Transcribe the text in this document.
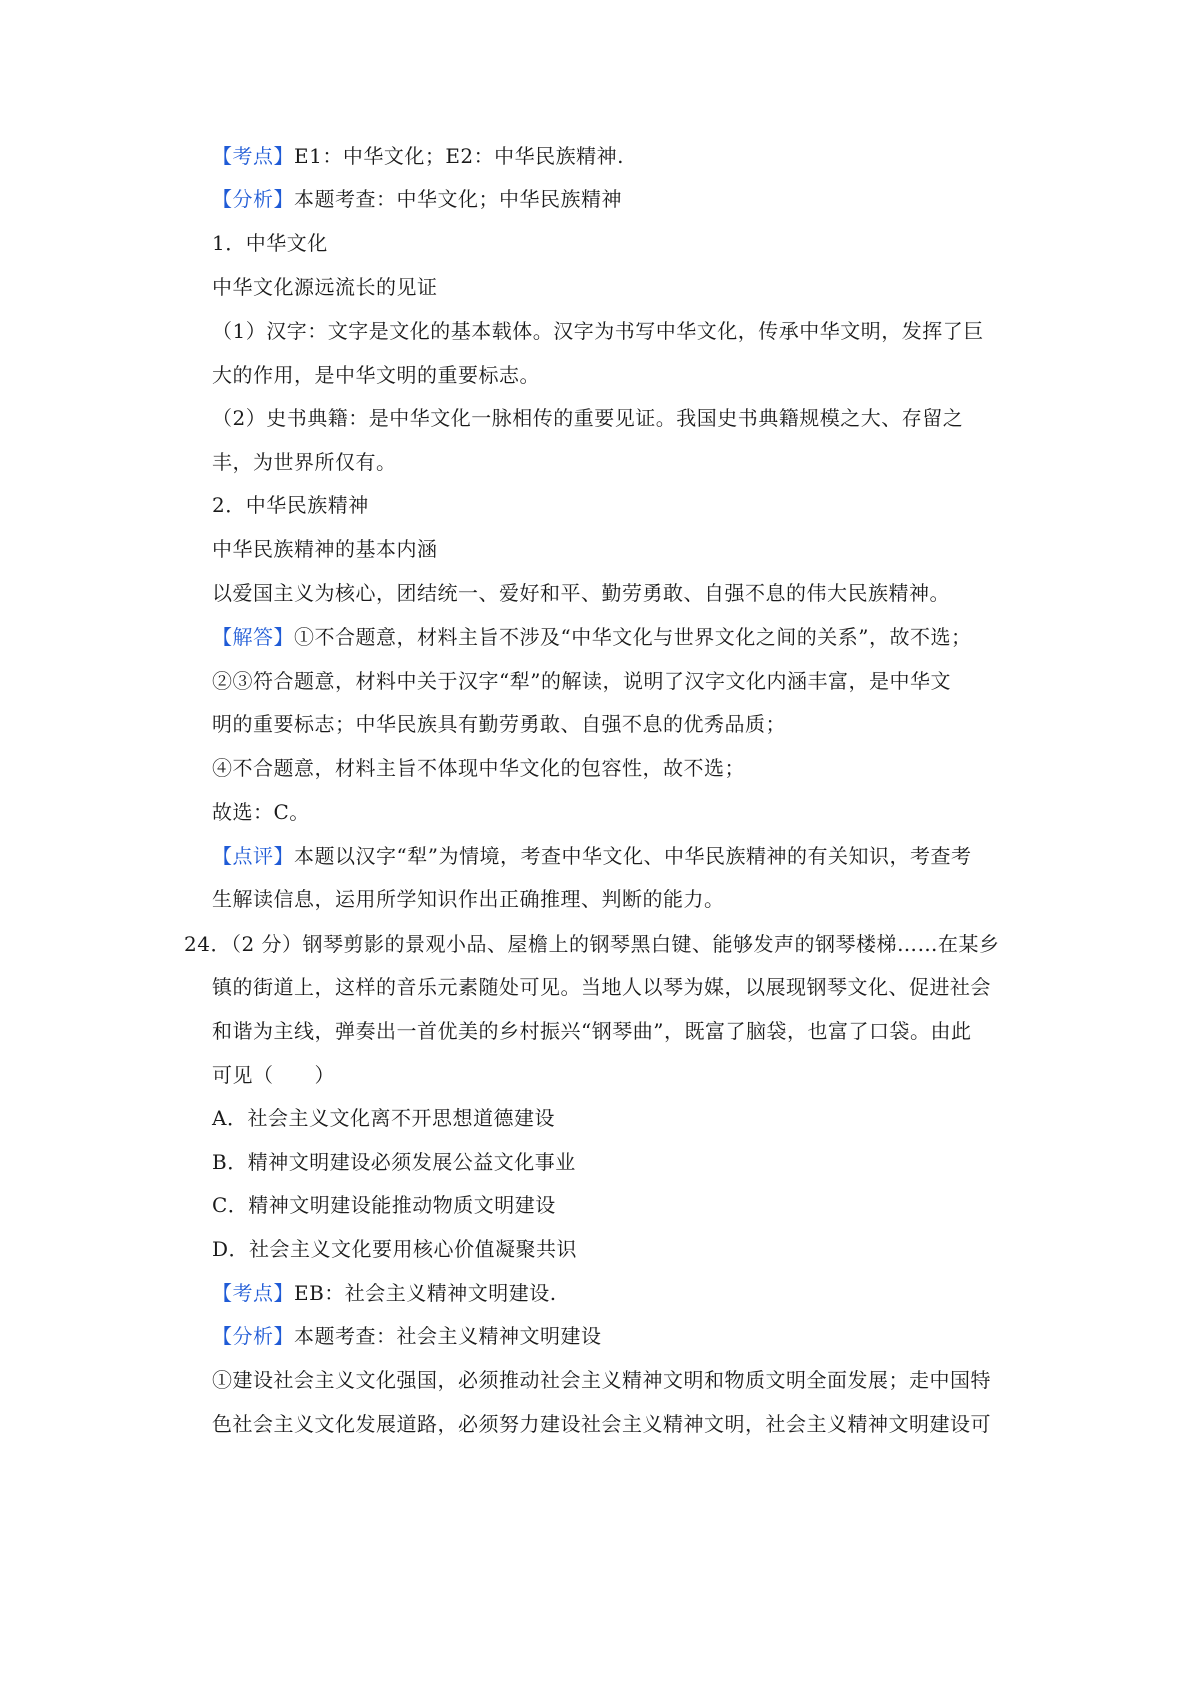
【考点】E1：中华文化；E2：中华民族精神.
【分析】本题考查：中华文化；中华民族精神
1．中华文化
中华文化源远流长的见证
（1）汉字：文字是文化的基本载体。汉字为书写中华文化，传承中华文明，发挥了巨
大的作用，是中华文明的重要标志。
（2）史书典籍：是中华文化一脉相传的重要见证。我国史书典籍规模之大、存留之
丰，为世界所仅有。
2．中华民族精神
中华民族精神的基本内涵
以爱国主义为核心，团结统一、爱好和平、勤劳勇敢、自强不息的伟大民族精神。
【解答】①不合题意，材料主旨不涉及“中华文化与世界文化之间的关系”，故不选；
②③符合题意，材料中关于汉字“犁”的解读，说明了汉字文化内涵丰富，是中华文
明的重要标志；中华民族具有勤劳勇敢、自强不息的优秀品质；
④不合题意，材料主旨不体现中华文化的包容性，故不选；
故选：C。
【点评】本题以汉字“犁”为情境，考查中华文化、中华民族精神的有关知识，考查考
生解读信息，运用所学知识作出正确推理、判断的能力。
24．（2 分）钢琴剪影的景观小品、屋檐上的钢琴黑白键、能够发声的钢琴楼梯……在某乡
镇的街道上，这样的音乐元素随处可见。当地人以琴为媒，以展现钢琴文化、促进社会
和谐为主线，弹奏出一首优美的乡村振兴“钢琴曲”，既富了脑袋，也富了口袋。由此
可见（　　）
A．社会主义文化离不开思想道德建设
B．精神文明建设必须发展公益文化事业
C．精神文明建设能推动物质文明建设
D．社会主义文化要用核心价值凝聚共识
【考点】EB：社会主义精神文明建设.
【分析】本题考查：社会主义精神文明建设
①建设社会主义文化强国，必须推动社会主义精神文明和物质文明全面发展；走中国特
色社会主义文化发展道路，必须努力建设社会主义精神文明，社会主义精神文明建设可
